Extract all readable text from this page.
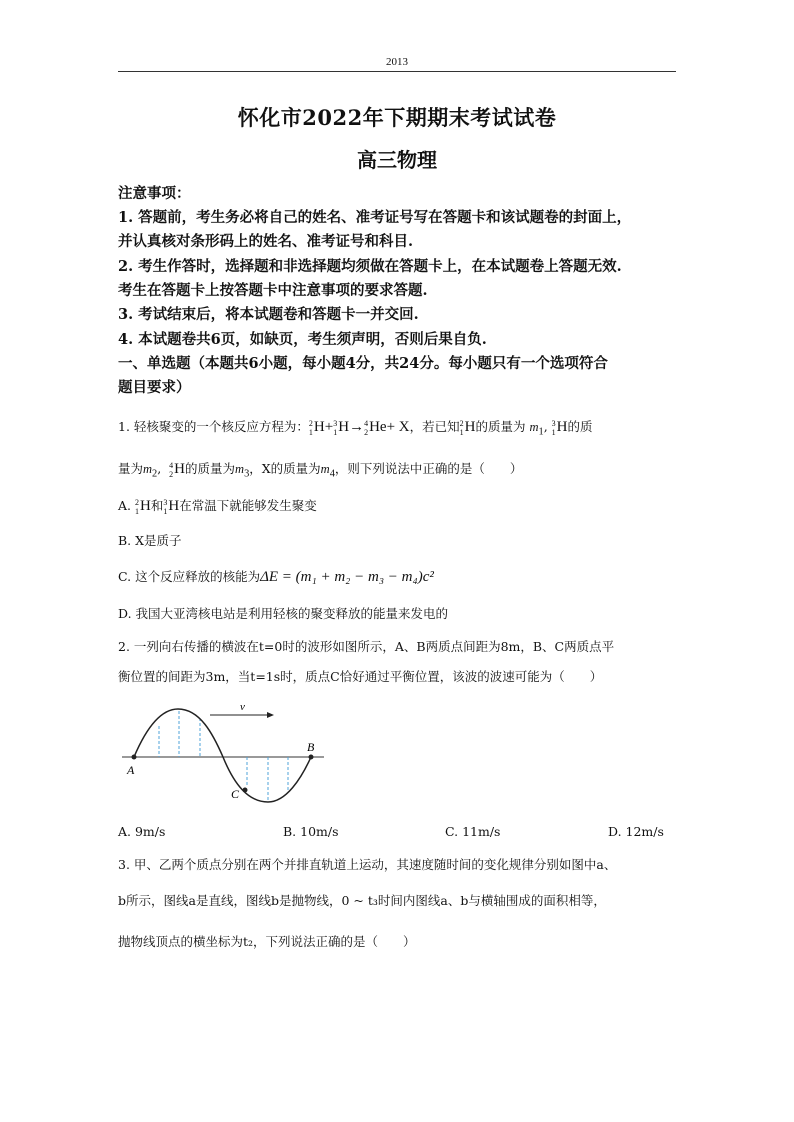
2013
怀化市2022年下期期末考试试卷
高三物理
注意事项：
1. 答题前，考生务必将自己的姓名、准考证号写在答题卡和该试题卷的封面上，
并认真核对条形码上的姓名、准考证号和科目.
2. 考生作答时，选择题和非选择题均须做在答题卡上，在本试题卷上答题无效.
考生在答题卡上按答题卡中注意事项的要求答题.
3. 考试结束后，将本试题卷和答题卡一并交回.
4. 本试题卷共6页，如缺页，考生须声明，否则后果自负.
一、单选题（本题共6小题，每小题4分，共24分。每小题只有一个选项符合
题目要求）
1. 轻核聚变的一个核反应方程为： 2
1 H+ 3
1 H→ 4
2 He+ X，若已知 2
1 H的质量为 $m_1$, 3
1 H的质
量为$m_2$, 4
2 H的质量为$m_3$，X的质量为$m_4$，则下列说法中正确的是（　　）
A. 2
1 H和 3
1 H在常温下就能够发生聚变
B. X是质子
C. 这个反应释放的核能为ΔE = (m₁ + m₂ − m₃ − m₄)c²
D. 我国大亚湾核电站是利用轻核的聚变释放的能量来发电的
2. 一列向右传播的横波在t=0时的波形如图所示，A、B两质点间距为8m，B、C两质点平
衡位置的间距为3m，当t=1s时，质点C恰好通过平衡位置，该波的波速可能为（　　）
v
A
B
C
A. 9m/s	B. 10m/s	C. 11m/s	D. 12m/s
3. 甲、乙两个质点分别在两个并排直轨道上运动，其速度随时间的变化规律分别如图中a、
b所示，图线a是直线，图线b是抛物线，0 ~ t₃时间内图线a、b与横轴围成的面积相等，
抛物线顶点的横坐标为t₂，下列说法正确的是（　　）
